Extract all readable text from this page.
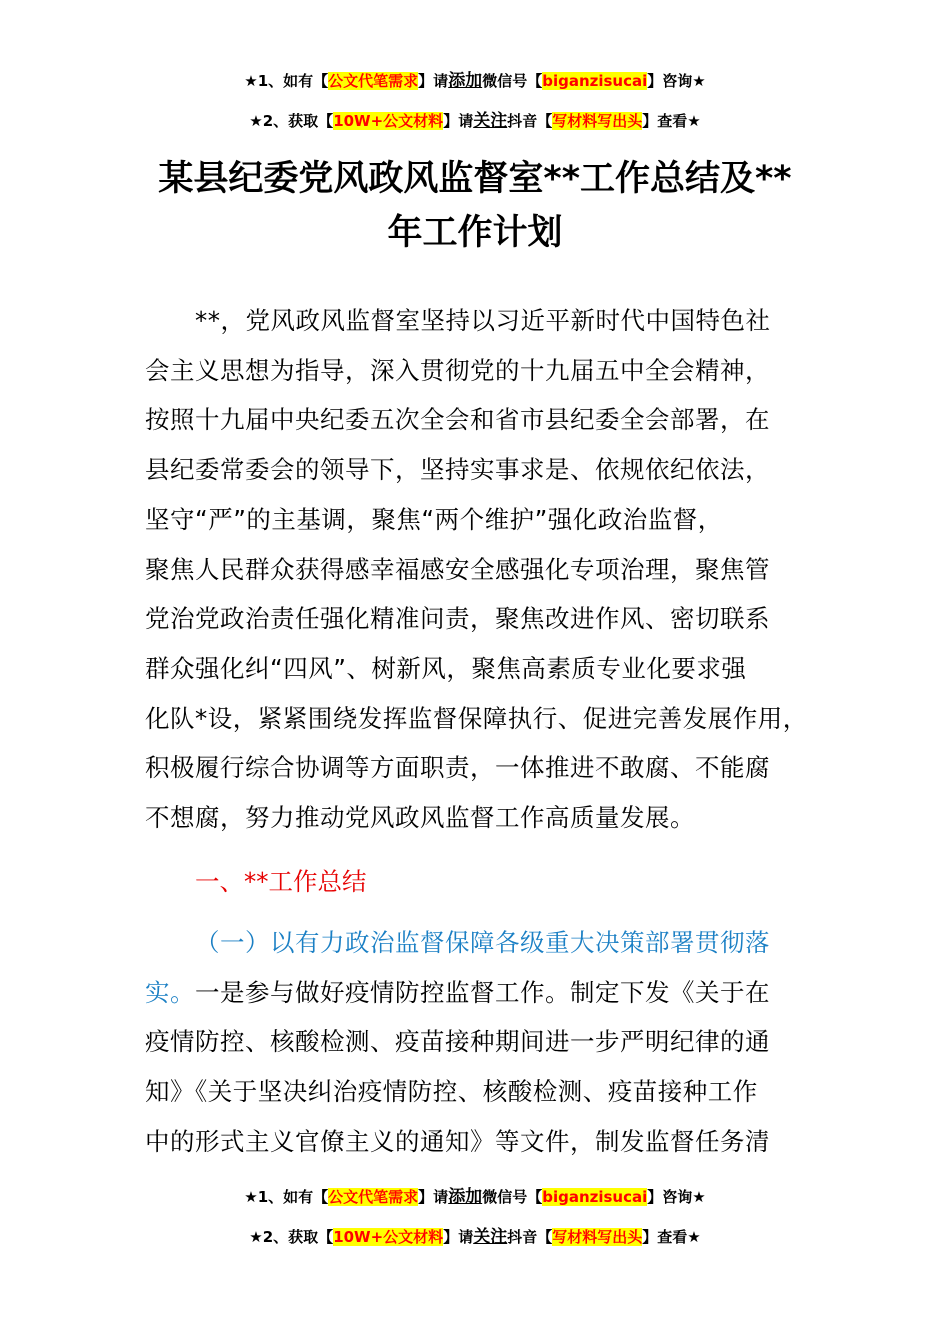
★1、如有【公文代笔需求】请添加微信号【biganzisucai】咨询★
★2、获取【10W+公文材料】请关注抖音【写材料写出头】查看★
某县纪委党风政风监督室**工作总结及**
年工作计划
**，党风政风监督室坚持以习近平新时代中国特色社
会主义思想为指导，深入贯彻党的十九届五中全会精神，
按照十九届中央纪委五次全会和省市县纪委全会部署，在
县纪委常委会的领导下，坚持实事求是、依规依纪依法，
坚守“严”的主基调，聚焦“两个维护”强化政治监督，
聚焦人民群众获得感幸福感安全感强化专项治理，聚焦管
党治党政治责任强化精准问责，聚焦改进作风、密切联系
群众强化纠“四风”、树新风，聚焦高素质专业化要求强
化队*设，紧紧围绕发挥监督保障执行、促进完善发展作用，
积极履行综合协调等方面职责，一体推进不敢腐、不能腐
不想腐，努力推动党风政风监督工作高质量发展。
一、**工作总结
（一）以有力政治监督保障各级重大决策部署贯彻落
实。一是参与做好疫情防控监督工作。制定下发《关于在
疫情防控、核酸检测、疫苗接种期间进一步严明纪律的通
知》《关于坚决纠治疫情防控、核酸检测、疫苗接种工作
中的形式主义官僚主义的通知》等文件，制发监督任务清
★1、如有【公文代笔需求】请添加微信号【biganzisucai】咨询★
★2、获取【10W+公文材料】请关注抖音【写材料写出头】查看★
